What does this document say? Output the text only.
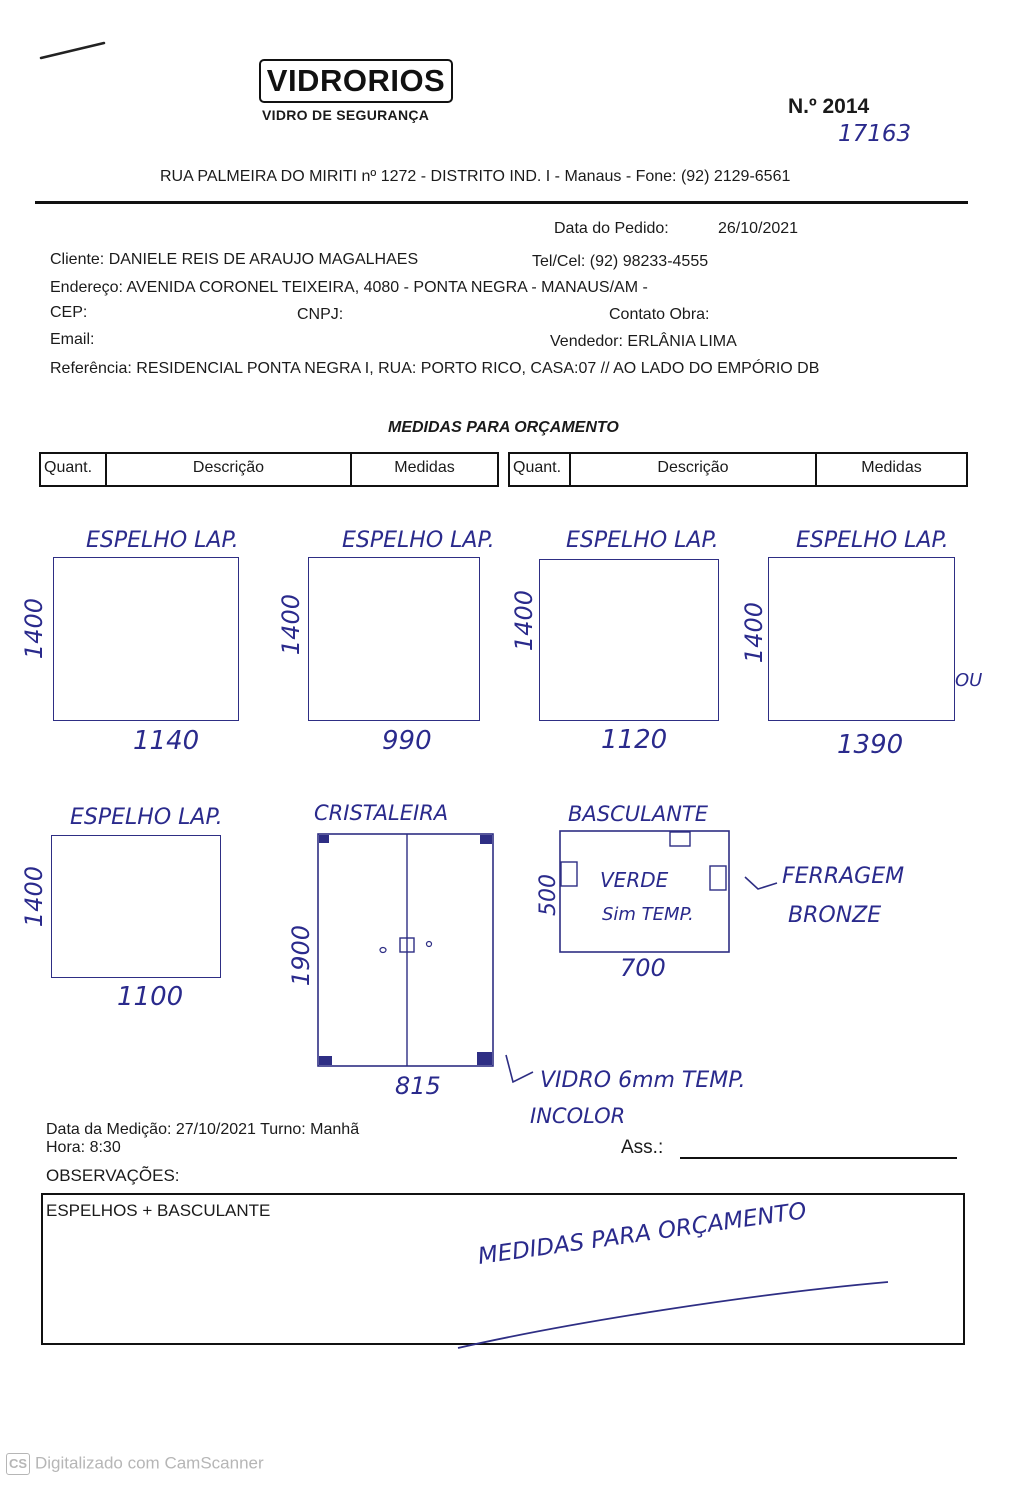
VIDRORIOS
VIDRO DE SEGURANÇA	N.º 2014
17163
RUA PALMEIRA DO MIRITI nº 1272 - DISTRITO IND. I - Manaus - Fone: (92) 2129-6561
Data do Pedido:	26/10/2021
Cliente: DANIELE REIS DE ARAUJO MAGALHAES	Tel/Cel: (92) 98233-4555
Endereço: AVENIDA CORONEL TEIXEIRA, 4080 - PONTA NEGRA - MANAUS/AM -
CEP:	CNPJ:	Contato Obra:
Email:	Vendedor: ERLÂNIA LIMA
Referência: RESIDENCIAL PONTA NEGRA I, RUA: PORTO RICO, CASA:07 // AO LADO DO EMPÓRIO DB
MEDIDAS PARA ORÇAMENTO
Quant.	Descrição	Medidas	Quant.	Descrição	Medidas
ESPELHO LAP.
1400
1140
ESPELHO LAP.
1400
990
ESPELHO LAP.
1400
1120
ESPELHO LAP.
1400
OU
1390
ESPELHO LAP.
1400
1100
CRISTALEIRA
1900
815	VIDRO 6mm TEMP.
INCOLOR
BASCULANTE
VERDE
Sim TEMP.
500
700
FERRAGEM
BRONZE
Data da Medição: 27/10/2021 Turno: Manhã
Hora: 8:30	Ass.:
OBSERVAÇÕES:
ESPELHOS + BASCULANTE	MEDIDAS PARA ORÇAMENTO
CS Digitalizado com CamScanner
